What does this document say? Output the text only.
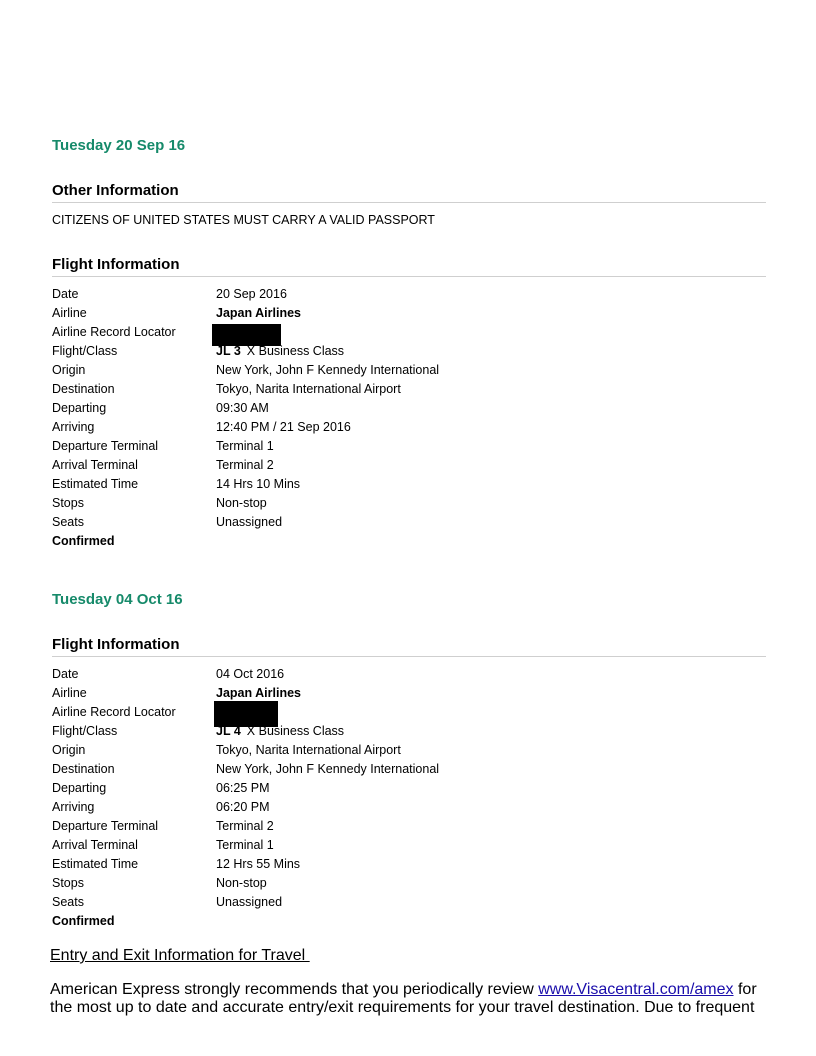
Tuesday 20 Sep 16
Other Information
CITIZENS OF UNITED STATES MUST CARRY A VALID PASSPORT
Flight Information
Date	20 Sep 2016
Airline	Japan Airlines
Airline Record Locator
Flight/Class	JL 3 X Business Class
Origin	New York, John F Kennedy International
Destination	Tokyo, Narita International Airport
Departing	09:30 AM
Arriving	12:40 PM / 21 Sep 2016
Departure Terminal	Terminal 1
Arrival Terminal	Terminal 2
Estimated Time	14 Hrs 10 Mins
Stops	Non-stop
Seats	Unassigned
Confirmed
Tuesday 04 Oct 16
Flight Information
Date	04 Oct 2016
Airline	Japan Airlines
Airline Record Locator
Flight/Class	JL 4 X Business Class
Origin	Tokyo, Narita International Airport
Destination	New York, John F Kennedy International
Departing	06:25 PM
Arriving	06:20 PM
Departure Terminal	Terminal 2
Arrival Terminal	Terminal 1
Estimated Time	12 Hrs 55 Mins
Stops	Non-stop
Seats	Unassigned
Confirmed
Entry and Exit Information for Travel

American Express strongly recommends that you periodically review www.Visacentral.com/amex for the most up to date and accurate entry/exit requirements for your travel destination. Due to frequent
